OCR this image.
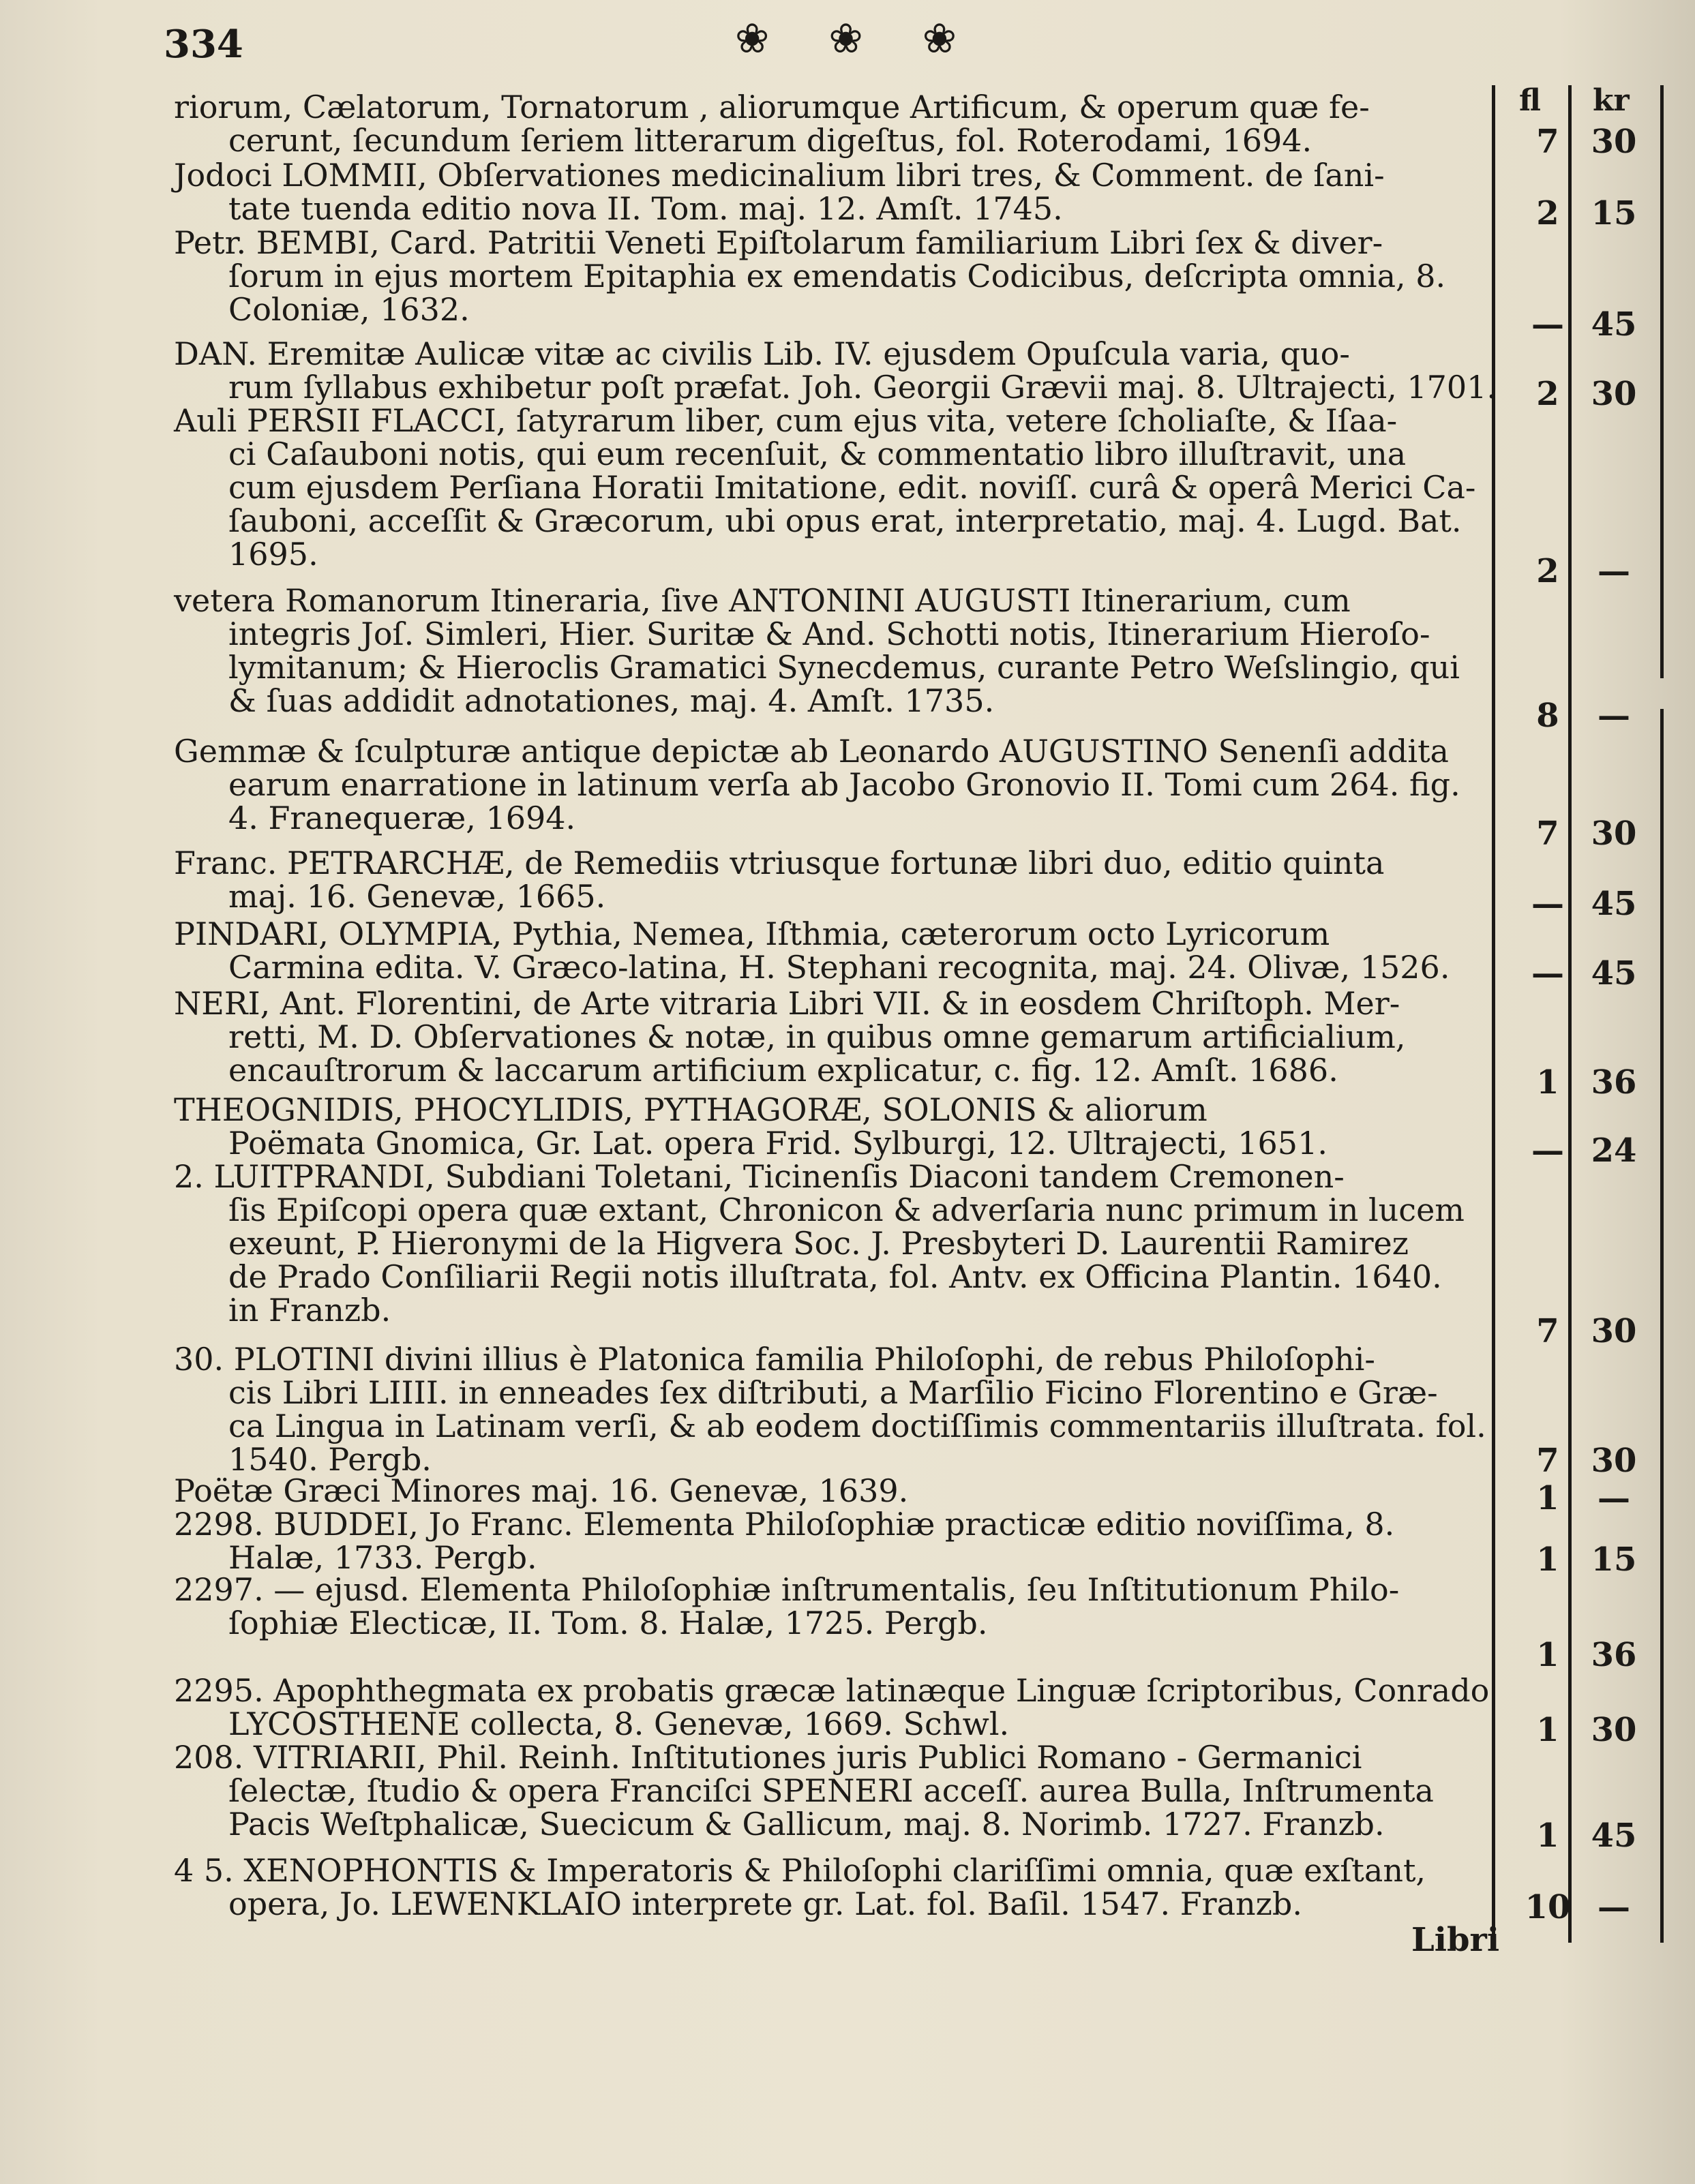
334	❀ ❀ ❀
fl kr
riorum, Cælatorum, Tornatorum , aliorumque Artificum, & operum quæ fe-
cerunt, ſecundum ſeriem litterarum digeſtus, fol. Roterodami, 1694.	7 30
Jodoci LOMMII, Obſervationes medicinalium libri tres, & Comment. de ſani-
tate tuenda editio nova II. Tom. maj. 12. Amſt. 1745.	2 15
Petr. BEMBI, Card. Patritii Veneti Epiſtolarum familiarium Libri ſex & diver-
ſorum in ejus mortem Epitaphia ex emendatis Codicibus, deſcripta omnia, 8.
Coloniæ, 1632.	— 45
DAN. Eremitæ Aulicæ vitæ ac civilis Lib. IV. ejusdem Opuſcula varia, quo-
rum ſyllabus exhibetur poſt præfat. Joh. Georgii Grævii maj. 8. Ultrajecti, 1701.	2 30
Auli PERSII FLACCI, ſatyrarum liber, cum ejus vita, vetere ſcholiaſte, & Iſaa-
ci Caſauboni notis, qui eum recenſuit, & commentatio libro illuſtravit, una
cum ejusdem Perſiana Horatii Imitatione, edit. noviſſ. curâ & operâ Merici Ca-
ſauboni, acceſſit & Græcorum, ubi opus erat, interpretatio, maj. 4. Lugd. Bat.
1695.	2	—
vetera Romanorum Itineraria, ſive ANTONINI AUGUSTI Itinerarium, cum
integris Joſ. Simleri, Hier. Suritæ & And. Schotti notis, Itinerarium Hieroſo-
lymitanum; & Hieroclis Gramatici Synecdemus, curante Petro Weſslingio, qui
& ſuas addidit adnotationes, maj. 4. Amſt. 1735.	8	—
Gemmæ & ſculpturæ antique depictæ ab Leonardo AUGUSTINO Senenſi addita
earum enarratione in latinum verſa ab Jacobo Gronovio II. Tomi cum 264. fig.
4. Franequeræ, 1694.	7 30
Franc. PETRARCHÆ, de Remediis vtriusque fortunæ libri duo, editio quinta
maj. 16. Genevæ, 1665.	— 45
PINDARI, OLYMPIA, Pythia, Nemea, Iſthmia, cæterorum octo Lyricorum
Carmina edita. V. Græco-latina, H. Stephani recognita, maj. 24. Olivæ, 1526.	— 45
NERI, Ant. Florentini, de Arte vitraria Libri VII. & in eosdem Chriſtoph. Mer-
retti, M. D. Obſervationes & notæ, in quibus omne gemarum artificialium,
encauſtrorum & laccarum artificium explicatur, c. fig. 12. Amſt. 1686.	1 36
THEOGNIDIS, PHOCYLIDIS, PYTHAGORÆ, SOLONIS & aliorum
Poëmata Gnomica, Gr. Lat. opera Frid. Sylburgi, 12. Ultrajecti, 1651.	— 24
2. LUITPRANDI, Subdiani Toletani, Ticinenſis Diaconi tandem Cremonen-
ſis Epiſcopi opera quæ extant, Chronicon & adverſaria nunc primum in lucem
exeunt, P. Hieronymi de la Higvera Soc. J. Presbyteri D. Laurentii Ramirez
de Prado Conſiliarii Regii notis illuſtrata, fol. Antv. ex Officina Plantin. 1640.
in Franzb.
7 30
30. PLOTINI divini illius è Platonica familia Philoſophi, de rebus Philoſophi-
cis Libri LIIII. in enneades ſex diſtributi, a Marſilio Ficino Florentino e Græ-
ca Lingua in Latinam verſi, & ab eodem doctiſſimis commentariis illuſtrata. fol.
1540. Pergb.	7 30
Poëtæ Græci Minores maj. 16. Genevæ, 1639.	1	—
2298. BUDDEI, Jo Franc. Elementa Philoſophiæ practicæ editio noviſſima, 8.
Halæ, 1733. Pergb.	1 15
2297. — ejusd. Elementa Philoſophiæ inſtrumentalis, ſeu Inſtitutionum Philo-
ſophiæ Electicæ, II. Tom. 8. Halæ, 1725. Pergb.
1 36
2295. Apophthegmata ex probatis græcæ latinæque Linguæ ſcriptoribus, Conrado
LYCOSTHENE collecta, 8. Genevæ, 1669. Schwl.	1 30
208. VITRIARII, Phil. Reinh. Inſtitutiones juris Publici Romano - Germanici
ſelectæ, ſtudio & opera Franciſci SPENERI acceſſ. aurea Bulla, Inſtrumenta
Pacis Weſtphalicæ, Suecicum & Gallicum, maj. 8. Norimb. 1727. Franzb.	1 45
4 5. XENOPHONTIS & Imperatoris & Philoſophi clariſſimi omnia, quæ exſtant,
opera, Jo. LEWENKLAIO interprete gr. Lat. fol. Baſil. 1547. Franzb.	10 —
Libri
